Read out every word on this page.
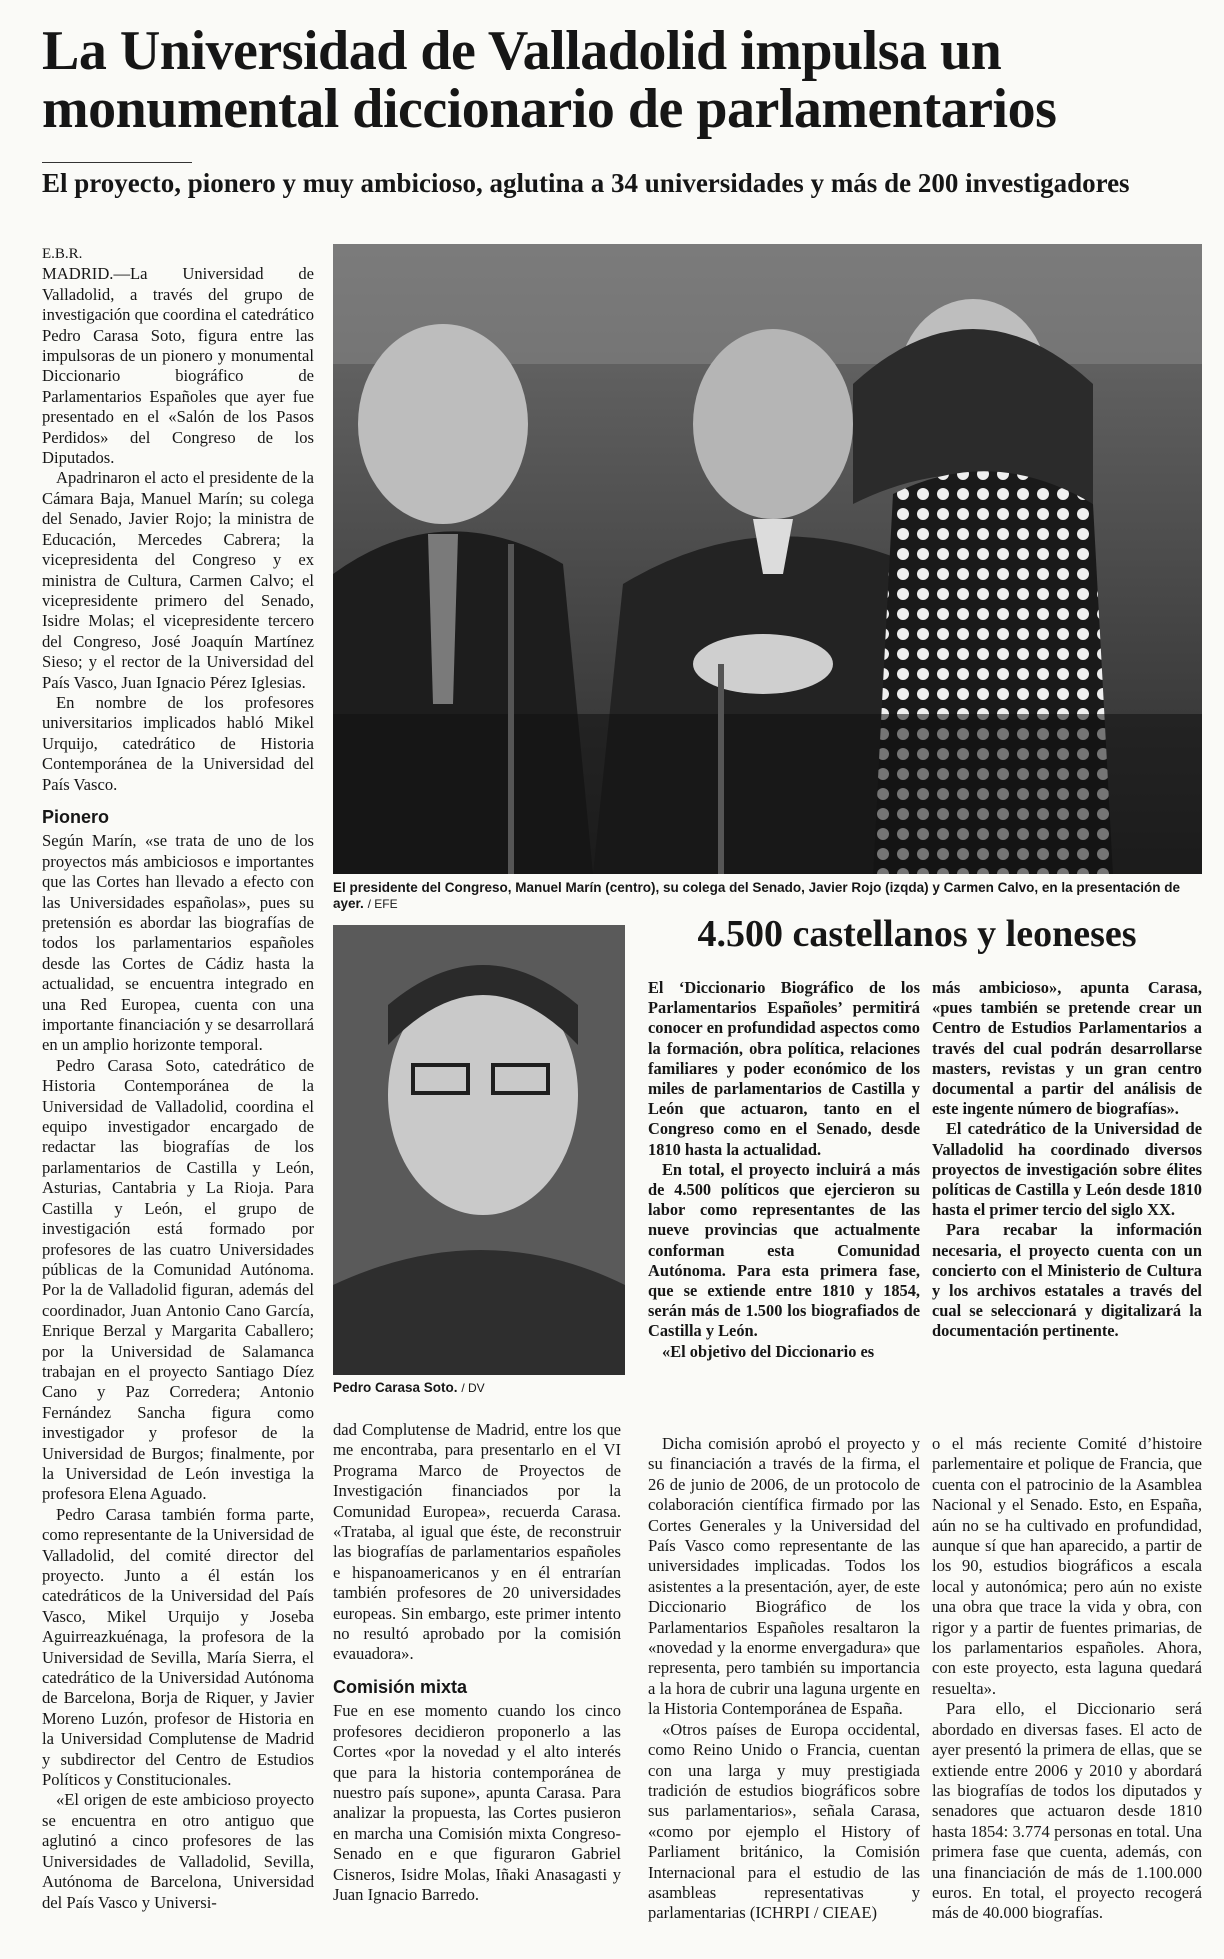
La Universidad de Valladolid impulsa un monumental diccionario de parlamentarios
El proyecto, pionero y muy ambicioso, aglutina a 34 universidades y más de 200 investigadores

E.B.R.

MADRID.—La Universidad de Valladolid, a través del grupo de investigación que coordina el catedrático Pedro Carasa Soto, figura entre las impulsoras de un pionero y monumental Diccionario biográfico de Parlamentarios Españoles que ayer fue presentado en el «Salón de los Pasos Perdidos» del Congreso de los Diputados.

Apadrinaron el acto el presidente de la Cámara Baja, Manuel Marín; su colega del Senado, Javier Rojo; la ministra de Educación, Mercedes Cabrera; la vicepresidenta del Congreso y ex ministra de Cultura, Carmen Calvo; el vicepresidente primero del Senado, Isidre Molas; el vicepresidente tercero del Congreso, José Joaquín Martínez Sieso; y el rector de la Universidad del País Vasco, Juan Ignacio Pérez Iglesias.

En nombre de los profesores universitarios implicados habló Mikel Urquijo, catedrático de Historia Contemporánea de la Universidad del País Vasco.

Pionero

Según Marín, «se trata de uno de los proyectos más ambiciosos e importantes que las Cortes han llevado a efecto con las Universidades españolas», pues su pretensión es abordar las biografías de todos los parlamentarios españoles desde las Cortes de Cádiz hasta la actualidad, se encuentra integrado en una Red Europea, cuenta con una importante financiación y se desarrollará en un amplio horizonte temporal.

Pedro Carasa Soto, catedrático de Historia Contemporánea de la Universidad de Valladolid, coordina el equipo investigador encargado de redactar las biografías de los parlamentarios de Castilla y León, Asturias, Cantabria y La Rioja. Para Castilla y León, el grupo de investigación está formado por profesores de las cuatro Universidades públicas de la Comunidad Autónoma. Por la de Valladolid figuran, además del coordinador, Juan Antonio Cano García, Enrique Berzal y Margarita Caballero; por la Universidad de Salamanca trabajan en el proyecto Santiago Díez Cano y Paz Corredera; Antonio Fernández Sancha figura como investigador y profesor de la Universidad de Burgos; finalmente, por la Universidad de León investiga la profesora Elena Aguado.

Pedro Carasa también forma parte, como representante de la Universidad de Valladolid, del comité director del proyecto. Junto a él están los catedráticos de la Universidad del País Vasco, Mikel Urquijo y Joseba Aguirreazkuénaga, la profesora de la Universidad de Sevilla, María Sierra, el catedrático de la Universidad Autónoma de Barcelona, Borja de Riquer, y Javier Moreno Luzón, profesor de Historia en la Universidad Complutense de Madrid y subdirector del Centro de Estudios Políticos y Constitucionales.

«El origen de este ambicioso proyecto se encuentra en otro antiguo que aglutinó a cinco profesores de las Universidades de Valladolid, Sevilla, Autónoma de Barcelona, Universidad del País Vasco y Universi-

El presidente del Congreso, Manuel Marín (centro), su colega del Senado, Javier Rojo (izqda) y Carmen Calvo, en la presentación de ayer. / EFE
Pedro Carasa Soto. / DV

dad Complutense de Madrid, entre los que me encontraba, para presentarlo en el VI Programa Marco de Proyectos de Investigación financiados por la Comunidad Europea», recuerda Carasa. «Trataba, al igual que éste, de reconstruir las biografías de parlamentarios españoles e hispanoamericanos y en él entrarían también profesores de 20 universidades europeas. Sin embargo, este primer intento no resultó aprobado por la comisión evauadora».

Comisión mixta

Fue en ese momento cuando los cinco profesores decidieron proponerlo a las Cortes «por la novedad y el alto interés que para la historia contemporánea de nuestro país supone», apunta Carasa. Para analizar la propuesta, las Cortes pusieron en marcha una Comisión mixta Congreso-Senado en e que figuraron Gabriel Cisneros, Isidre Molas, Iñaki Anasagasti y Juan Ignacio Barredo.

4.500 castellanos y leoneses

El ‘Diccionario Biográfico de los Parlamentarios Españoles’ permitirá conocer en profundidad aspectos como la formación, obra política, relaciones familiares y poder económico de los miles de parlamentarios de Castilla y León que actuaron, tanto en el Congreso como en el Senado, desde 1810 hasta la actualidad.

En total, el proyecto incluirá a más de 4.500 políticos que ejercieron su labor como representantes de las nueve provincias que actualmente conforman esta Comunidad Autónoma. Para esta primera fase, que se extiende entre 1810 y 1854, serán más de 1.500 los biografiados de Castilla y León.

«El objetivo del Diccionario es

más ambicioso», apunta Carasa, «pues también se pretende crear un Centro de Estudios Parlamentarios a través del cual podrán desarrollarse masters, revistas y un gran centro documental a partir del análisis de este ingente número de biografías».

El catedrático de la Universidad de Valladolid ha coordinado diversos proyectos de investigación sobre élites políticas de Castilla y León desde 1810 hasta el primer tercio del siglo XX.

Para recabar la información necesaria, el proyecto cuenta con un concierto con el Ministerio de Cultura y los archivos estatales a través del cual se seleccionará y digitalizará la documentación pertinente.

Dicha comisión aprobó el proyecto y su financiación a través de la firma, el 26 de junio de 2006, de un protocolo de colaboración científica firmado por las Cortes Generales y la Universidad del País Vasco como representante de las universidades implicadas. Todos los asistentes a la presentación, ayer, de este Diccionario Biográfico de los Parlamentarios Españoles resaltaron la «novedad y la enorme envergadura» que representa, pero también su importancia a la hora de cubrir una laguna urgente en la Historia Contemporánea de España.

«Otros países de Europa occidental, como Reino Unido o Francia, cuentan con una larga y muy prestigiada tradición de estudios biográficos sobre sus parlamentarios», señala Carasa, «como por ejemplo el History of Parliament británico, la Comisión Internacional para el estudio de las asambleas representativas y parlamentarias (ICHRPI / CIEAE)

o el más reciente Comité d’histoire parlementaire et polique de Francia, que cuenta con el patrocinio de la Asamblea Nacional y el Senado. Esto, en España, aún no se ha cultivado en profundidad, aunque sí que han aparecido, a partir de los 90, estudios biográficos a escala local y autonómica; pero aún no existe una obra que trace la vida y obra, con rigor y a partir de fuentes primarias, de los parlamentarios españoles. Ahora, con este proyecto, esta laguna quedará resuelta».

Para ello, el Diccionario será abordado en diversas fases. El acto de ayer presentó la primera de ellas, que se extiende entre 2006 y 2010 y abordará las biografías de todos los diputados y senadores que actuaron desde 1810 hasta 1854: 3.774 personas en total. Una primera fase que cuenta, además, con una financiación de más de 1.100.000 euros. En total, el proyecto recogerá más de 40.000 biografías.
